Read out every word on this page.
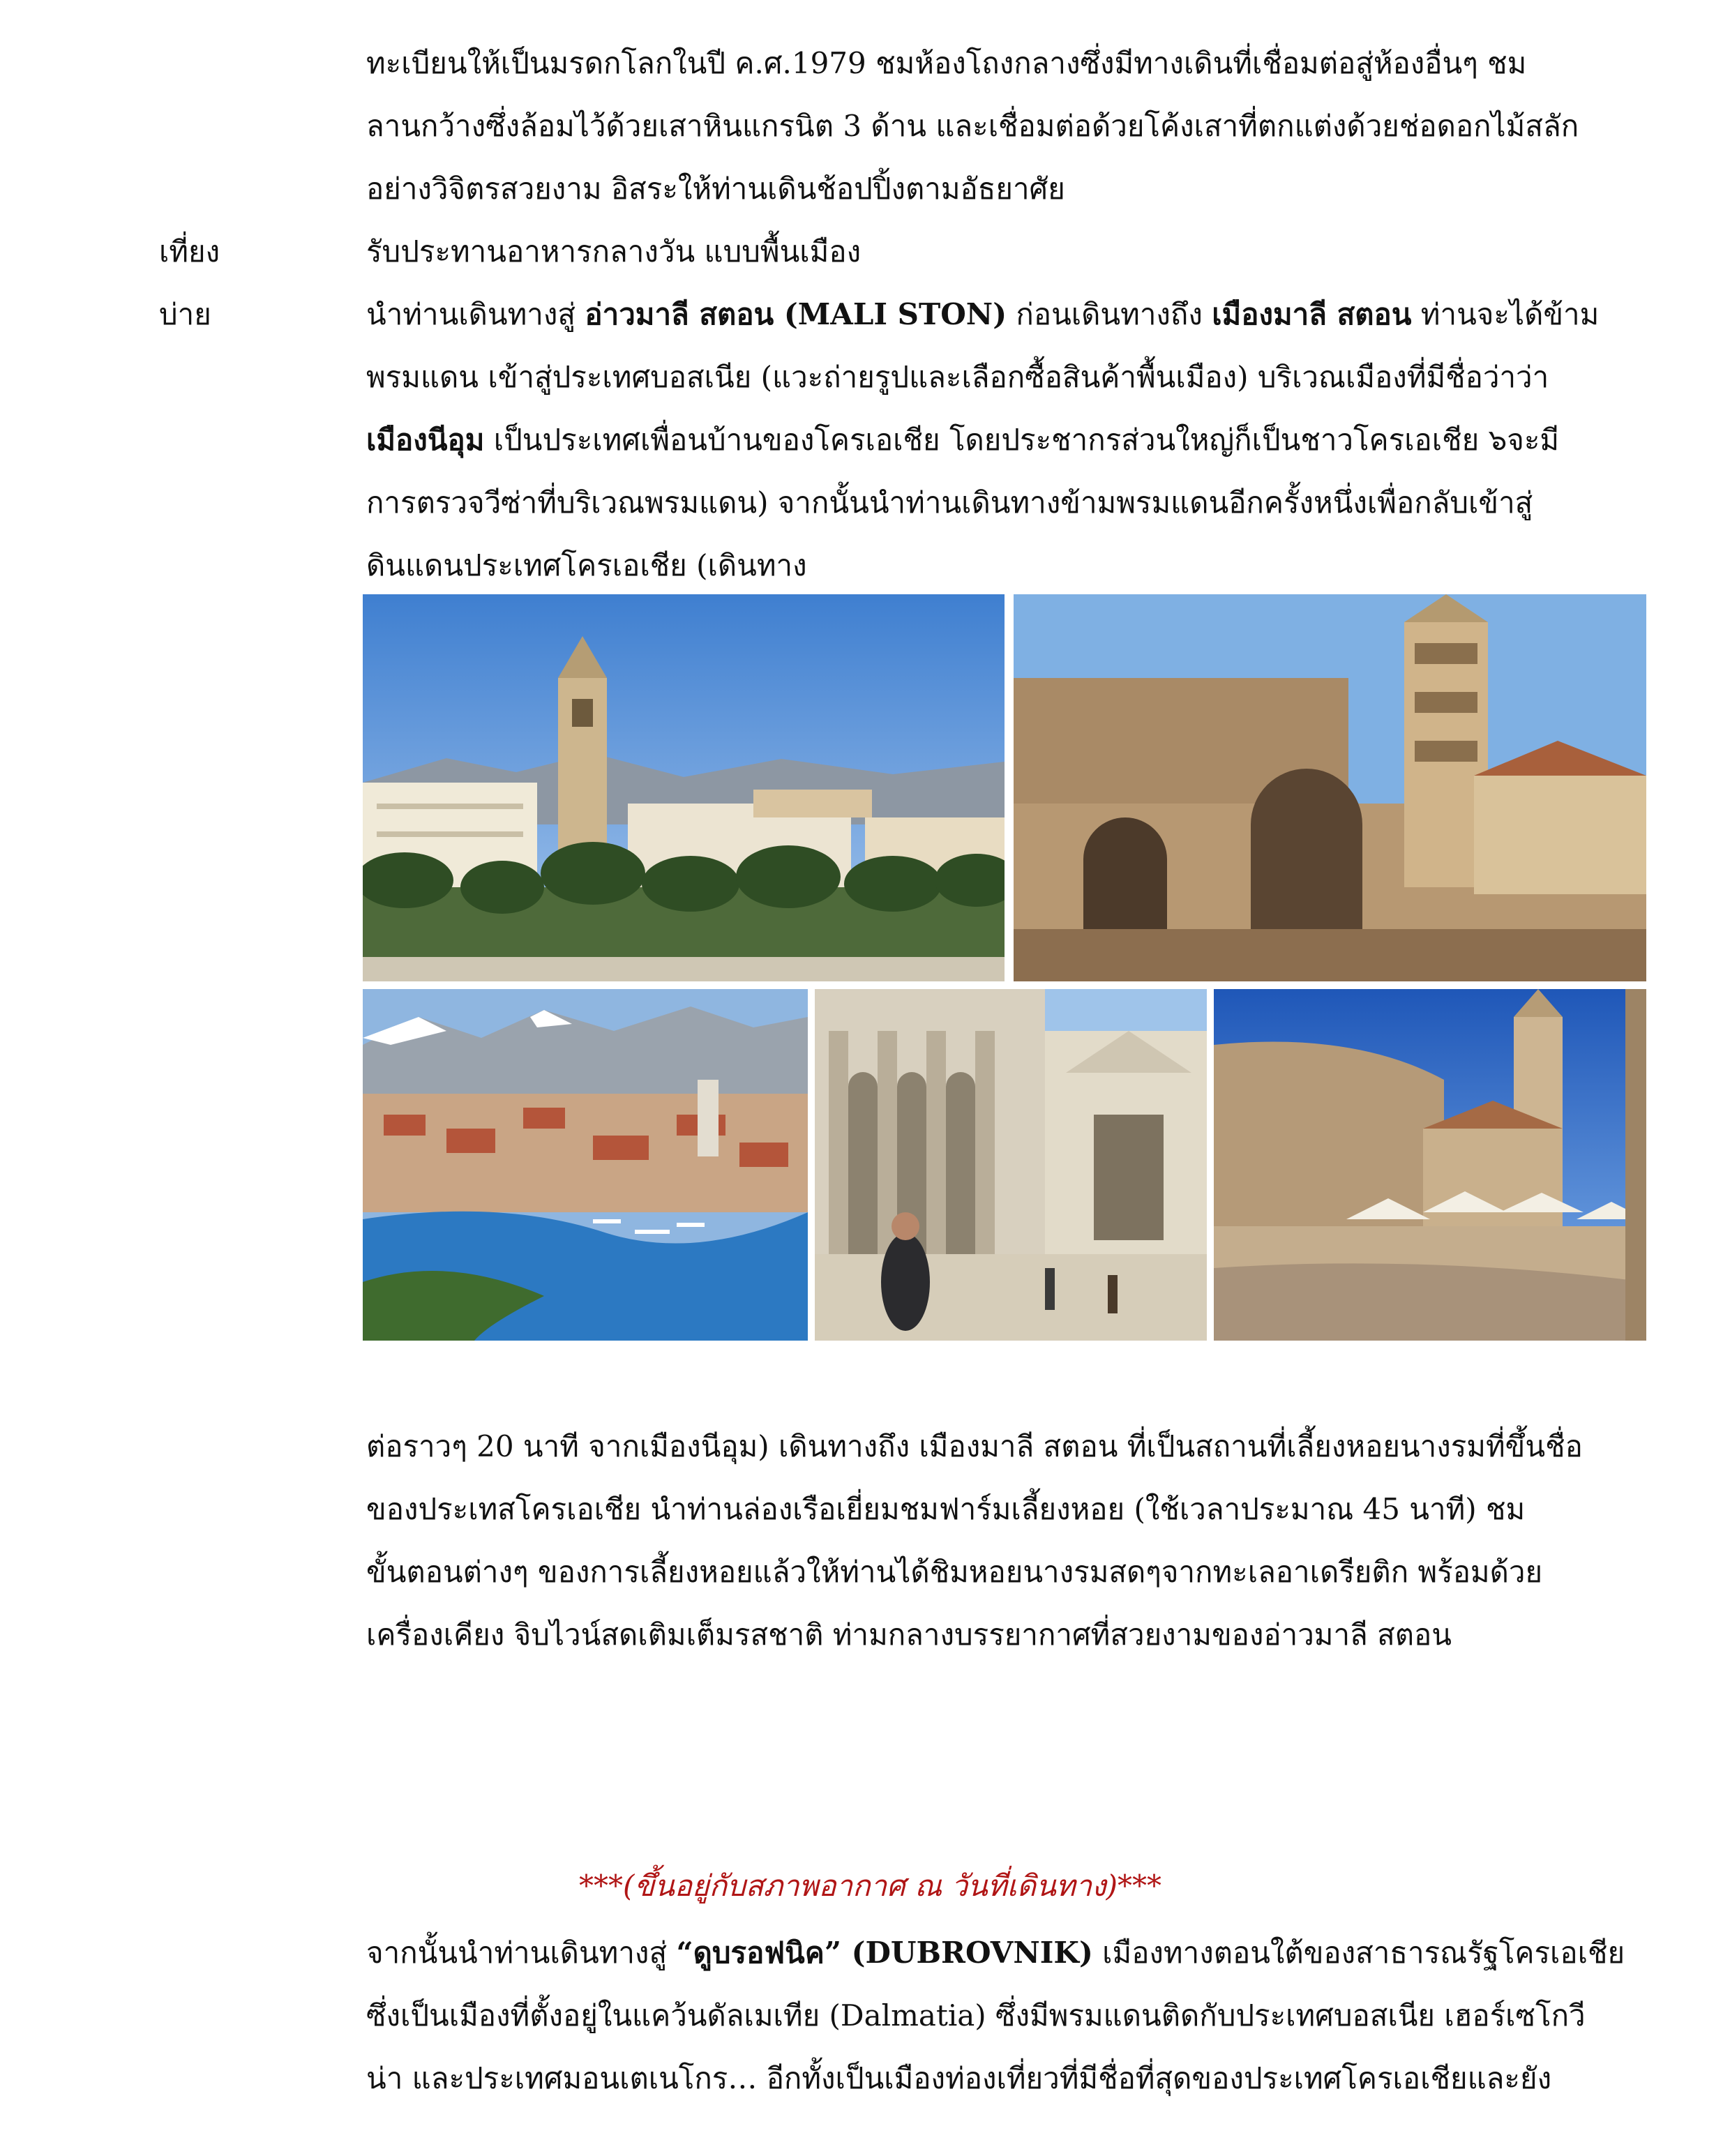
ทะเบียนให้เป็นมรดกโลกในปี ค.ศ.1979 ชมห้องโถงกลางซึ่งมีทางเดินที่เชื่อมต่อสู่ห้องอื่นๆ ชม
ลานกว้างซึ่งล้อมไว้ด้วยเสาหินแกรนิต 3 ด้าน และเชื่อมต่อด้วยโค้งเสาที่ตกแต่งด้วยช่อดอกไม้สลัก
อย่างวิจิตรสวยงาม อิสระให้ท่านเดินช้อปปิ้งตามอัธยาศัย
เที่ยง	รับประทานอาหารกลางวัน แบบพื้นเมือง
บ่าย	นำท่านเดินทางสู่ อ่าวมาลี สตอน (MALI STON) ก่อนเดินทางถึง เมืองมาลี สตอน ท่านจะได้ข้าม
พรมแดน เข้าสู่ประเทศบอสเนีย (แวะถ่ายรูปและเลือกซื้อสินค้าพื้นเมือง) บริเวณเมืองที่มีชื่อว่าว่า
เมืองนีอุม เป็นประเทศเพื่อนบ้านของโครเอเชีย โดยประชากรส่วนใหญ่ก็เป็นชาวโครเอเชีย ๖จะมี
การตรวจวีซ่าที่บริเวณพรมแดน) จากนั้นนำท่านเดินทางข้ามพรมแดนอีกครั้งหนึ่งเพื่อกลับเข้าสู่
ดินแดนประเทศโครเอเชีย (เดินทาง
ต่อราวๆ 20 นาที จากเมืองนีอุม) เดินทางถึง เมืองมาลี สตอน ที่เป็นสถานที่เลี้ยงหอยนางรมที่ขึ้นชื่อ
ของประเทสโครเอเชีย นำท่านล่องเรือเยี่ยมชมฟาร์มเลี้ยงหอย (ใช้เวลาประมาณ 45 นาที) ชม
ขั้นตอนต่างๆ ของการเลี้ยงหอยแล้วให้ท่านได้ชิมหอยนางรมสดๆจากทะเลอาเดรียติก พร้อมด้วย
เครื่องเคียง จิบไวน์สดเติมเต็มรสชาติ ท่ามกลางบรรยากาศที่สวยงามของอ่าวมาลี สตอน
***(ขึ้นอยู่กับสภาพอากาศ ณ วันที่เดินทาง)***
จากนั้นนำท่านเดินทางสู่ “ดูบรอฟนิค” (DUBROVNIK) เมืองทางตอนใต้ของสาธารณรัฐโครเอเชีย
ซึ่งเป็นเมืองที่ตั้งอยู่ในแคว้นดัลเมเทีย (Dalmatia) ซึ่งมีพรมแดนติดกับประเทศบอสเนีย เฮอร์เซโกวี
น่า และประเทศมอนเตเนโกร… อีกทั้งเป็นเมืองท่องเที่ยวที่มีชื่อที่สุดของประเทศโครเอเชียและยัง
